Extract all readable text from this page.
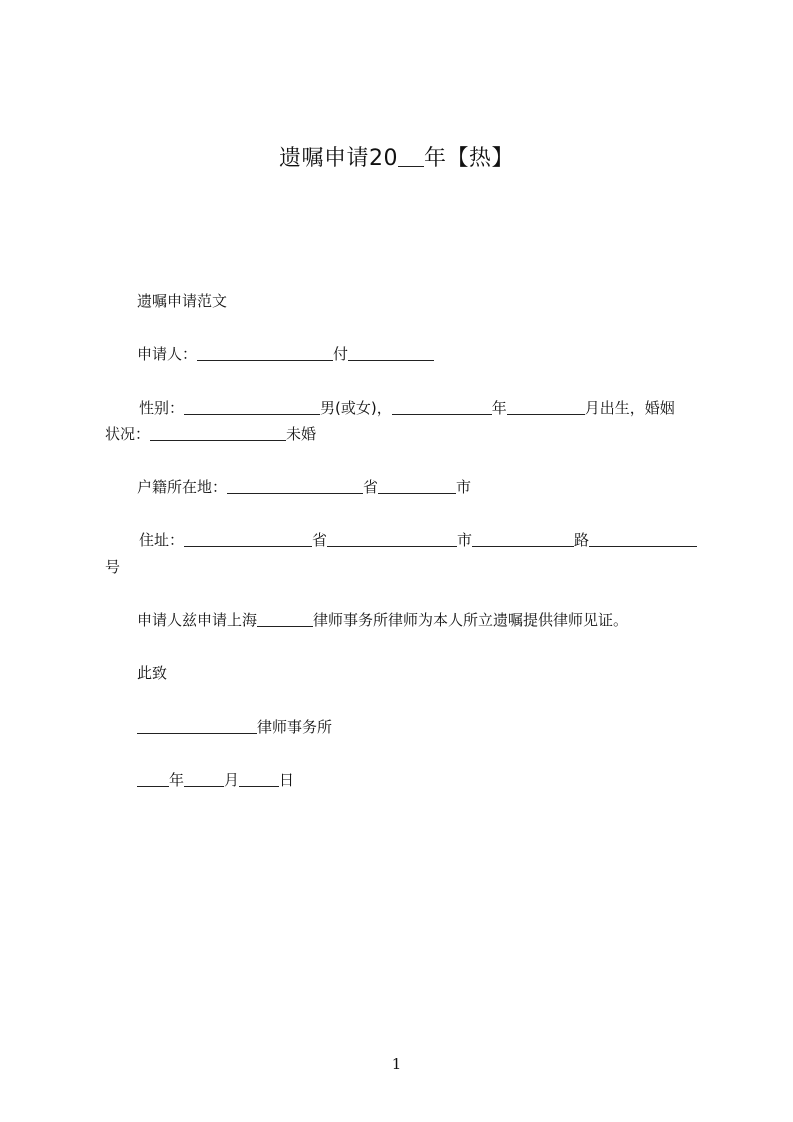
遗嘱申请20 年【热】
遗嘱申请范文
申请人：	付
性别：	男(或女)，	年	月出生，婚姻
状况：	未婚
户籍所在地：	省	市
住址：	省	市	路
号
申请人兹申请上海	律师事务所律师为本人所立遗嘱提供律师见证。
此致
律师事务所
年	月	日
1
